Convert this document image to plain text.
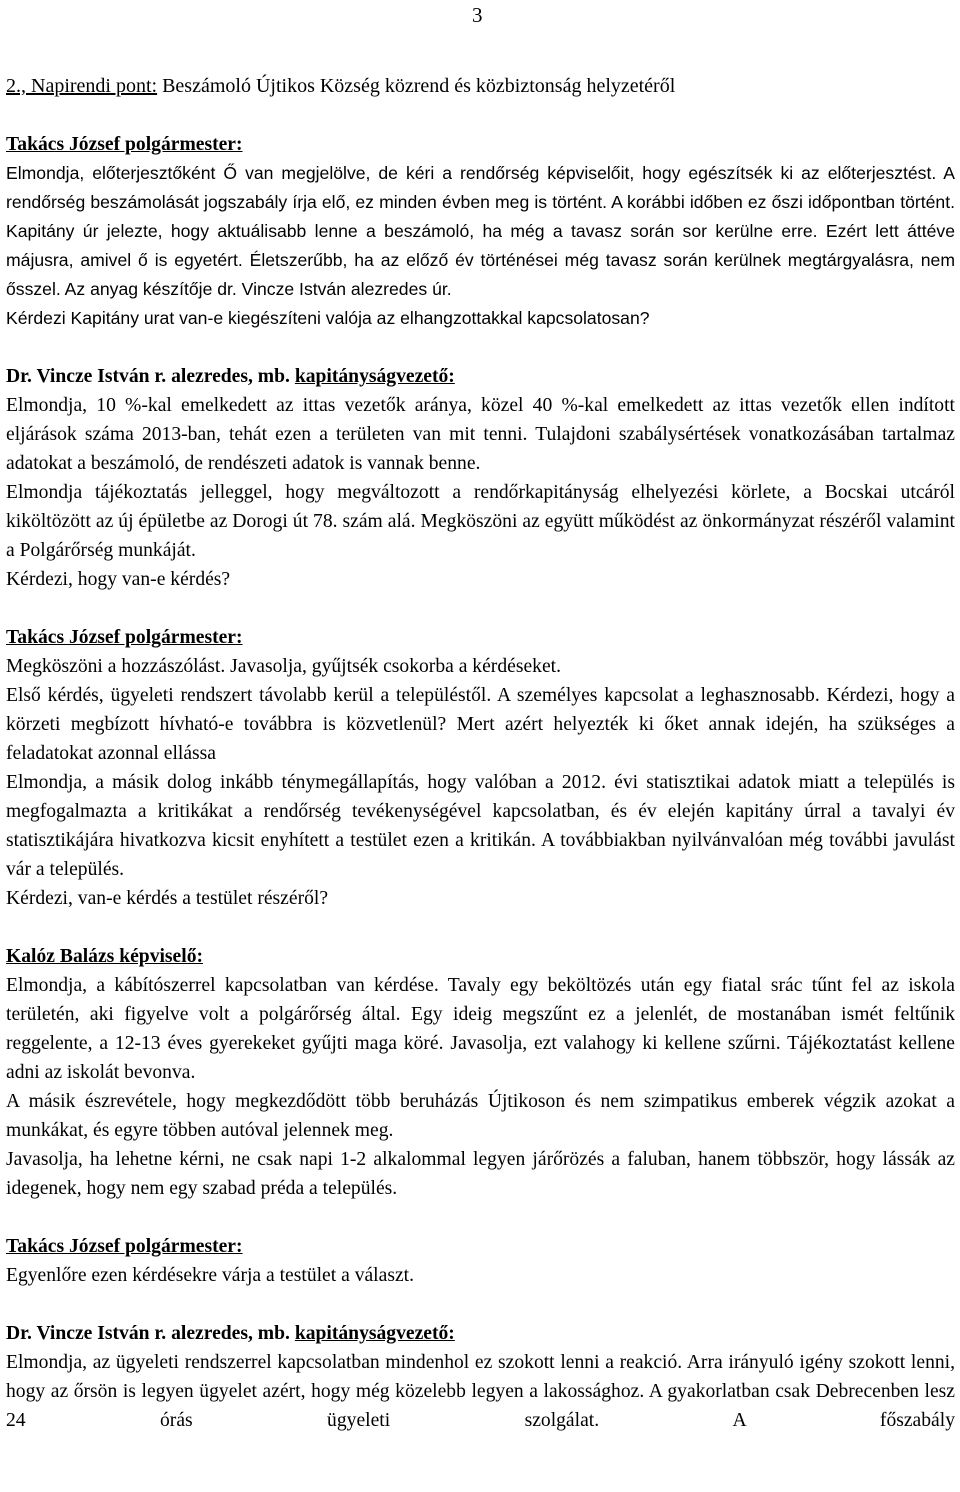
3
2., Napirendi pont: Beszámoló Újtikos Község közrend és közbiztonság helyzetéről
Takács József polgármester:

Elmondja, előterjesztőként Ő van megjelölve, de kéri a rendőrség képviselőit, hogy egészítsék ki az előterjesztést. A rendőrség beszámolását jogszabály írja elő, ez minden évben meg is történt. A korábbi időben ez őszi időpontban történt. Kapitány úr jelezte, hogy aktuálisabb lenne a beszámoló, ha még a tavasz során sor kerülne erre. Ezért lett áttéve májusra, amivel ő is egyetért. Életszerűbb, ha az előző év történései még tavasz során kerülnek megtárgyalásra, nem ősszel. Az anyag készítője dr. Vincze István alezredes úr.

Kérdezi Kapitány urat van-e kiegészíteni valója az elhangzottakkal kapcsolatosan?

Dr. Vincze István r. alezredes, mb. kapitányságvezető:

Elmondja, 10 %-kal emelkedett az ittas vezetők aránya, közel 40 %-kal emelkedett az ittas vezetők ellen indított eljárások száma 2013-ban, tehát ezen a területen van mit tenni. Tulajdoni szabálysértések vonatkozásában tartalmaz adatokat a beszámoló, de rendészeti adatok is vannak benne.

Elmondja tájékoztatás jelleggel, hogy megváltozott a rendőrkapitányság elhelyezési körlete, a Bocskai utcáról kiköltözött az új épületbe az Dorogi út 78. szám alá. Megköszöni az együtt működést az önkormányzat részéről valamint a Polgárőrség munkáját.

Kérdezi, hogy van-e kérdés?

Takács József polgármester:

Megköszöni a hozzászólást. Javasolja, gyűjtsék csokorba a kérdéseket.

Első kérdés, ügyeleti rendszert távolabb kerül a településtől. A személyes kapcsolat a leghasznosabb. Kérdezi, hogy a körzeti megbízott hívható-e továbbra is közvetlenül? Mert azért helyezték ki őket annak idején, ha szükséges a feladatokat azonnal ellássa

Elmondja, a másik dolog inkább ténymegállapítás, hogy valóban a 2012. évi statisztikai adatok miatt a település is megfogalmazta a kritikákat a rendőrség tevékenységével kapcsolatban, és év elején kapitány úrral a tavalyi év statisztikájára hivatkozva kicsit enyhített a testület ezen a kritikán. A továbbiakban nyilvánvalóan még további javulást vár a település.

Kérdezi, van-e kérdés a testület részéről?

Kalóz Balázs képviselő:

Elmondja, a kábítószerrel kapcsolatban van kérdése. Tavaly egy beköltözés után egy fiatal srác tűnt fel az iskola területén, aki figyelve volt a polgárőrség által. Egy ideig megszűnt ez a jelenlét, de mostanában ismét feltűnik reggelente, a 12-13 éves gyerekeket gyűjti maga köré. Javasolja, ezt valahogy ki kellene szűrni. Tájékoztatást kellene adni az iskolát bevonva.

A másik észrevétele, hogy megkezdődött több beruházás Újtikoson és nem szimpatikus emberek végzik azokat a munkákat, és egyre többen autóval jelennek meg.

Javasolja, ha lehetne kérni, ne csak napi 1-2 alkalommal legyen járőrözés a faluban, hanem többször, hogy lássák az idegenek, hogy nem egy szabad préda a település.

Takács József polgármester:

Egyenlőre ezen kérdésekre várja a testület a választ.

Dr. Vincze István r. alezredes, mb. kapitányságvezető:

Elmondja, az ügyeleti rendszerrel kapcsolatban mindenhol ez szokott lenni a reakció. Arra irányuló igény szokott lenni, hogy az őrsön is legyen ügyelet azért, hogy még közelebb legyen a lakossághoz. A gyakorlatban csak Debrecenben lesz 24 órás ügyeleti szolgálat. A főszabály
